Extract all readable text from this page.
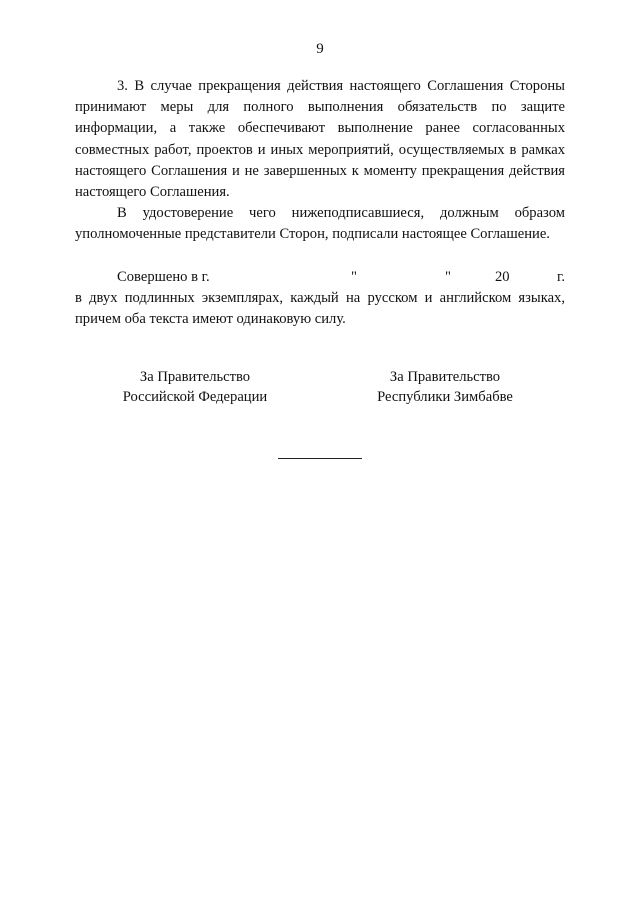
9

3. В случае прекращения действия настоящего Соглашения Стороны принимают меры для полного выполнения обязательств по защите информации, а также обеспечивают выполнение ранее согласованных совместных работ, проектов и иных мероприятий, осуществляемых в рамках настоящего Соглашения и не завершенных к моменту прекращения действия настоящего Соглашения.

В удостоверение чего нижеподписавшиеся, должным образом уполномоченные представители Сторон, подписали настоящее Соглашение.

Совершено в г.	"	"	20	г.

в двух подлинных экземплярах, каждый на русском и английском языках, причем оба текста имеют одинаковую силу.

За Правительство
Российской Федерации
За Правительство
Республики Зимбабве
